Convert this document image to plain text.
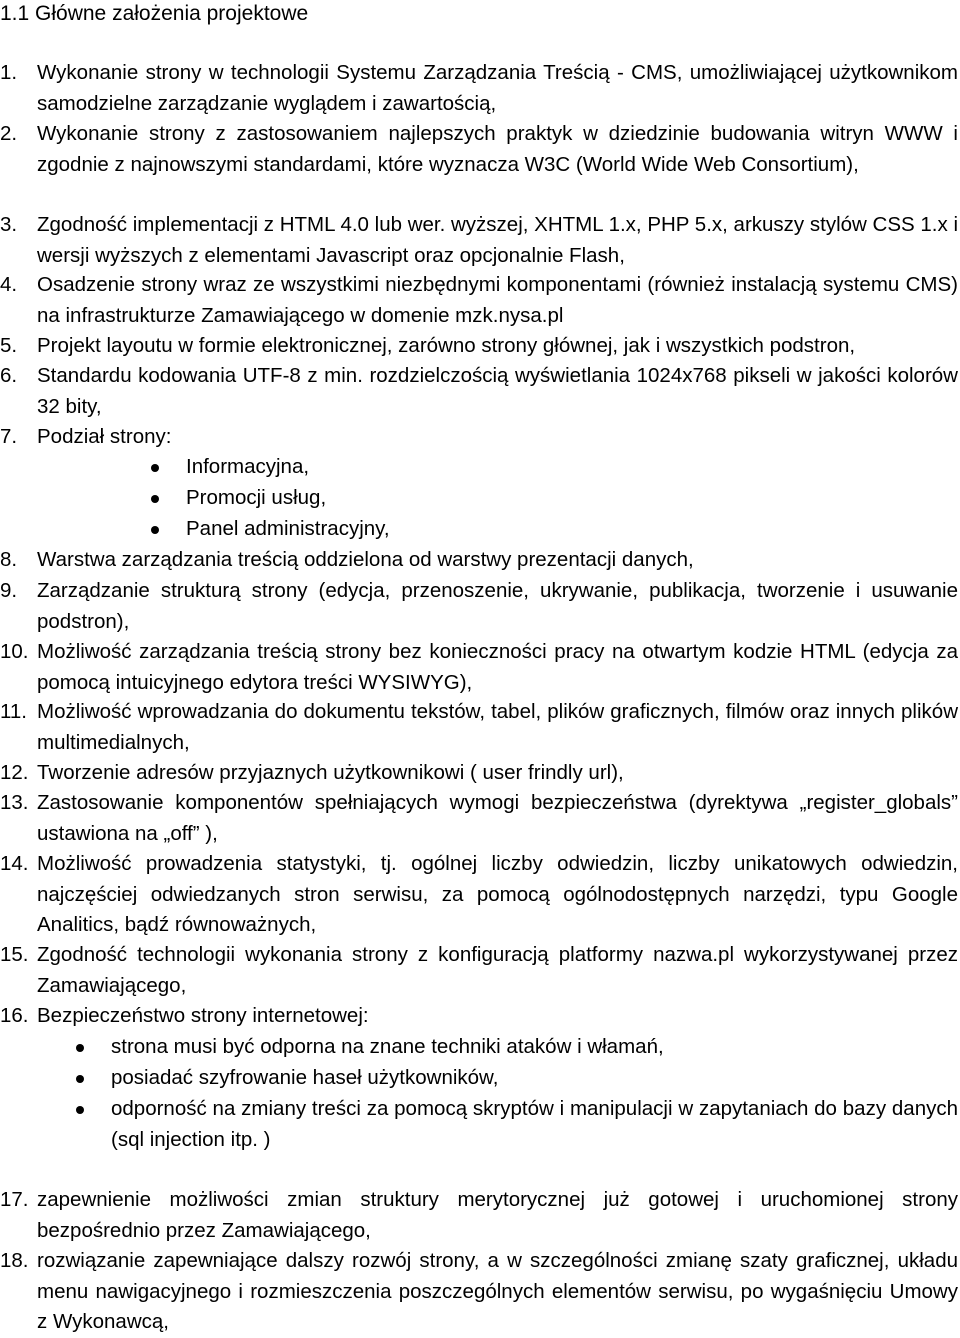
1.1 Główne założenia projektowe
1. Wykonanie strony w technologii Systemu Zarządzania Treścią - CMS, umożliwiającej użytkownikom samodzielne zarządzanie wyglądem i zawartością,
2. Wykonanie strony z zastosowaniem najlepszych praktyk w dziedzinie budowania witryn WWW i zgodnie z najnowszymi standardami, które wyznacza W3C (World Wide Web Consortium),
3. Zgodność implementacji z HTML 4.0 lub wer. wyższej, XHTML 1.x, PHP 5.x, arkuszy stylów CSS 1.x i wersji wyższych z elementami Javascript oraz opcjonalnie Flash,
4. Osadzenie strony wraz ze wszystkimi niezbędnymi komponentami (również instalacją systemu CMS) na infrastrukturze Zamawiającego w domenie mzk.nysa.pl
5. Projekt layoutu w formie elektronicznej, zarówno strony głównej, jak i wszystkich podstron,
6. Standardu kodowania UTF-8 z min. rozdzielczością wyświetlania 1024x768 pikseli w jakości kolorów 32 bity,
7. Podział strony:
Informacyjna,
Promocji usług,
Panel administracyjny,
8. Warstwa zarządzania treścią oddzielona od warstwy prezentacji danych,
9. Zarządzanie strukturą strony (edycja, przenoszenie, ukrywanie, publikacja, tworzenie i usuwanie podstron),
10. Możliwość zarządzania treścią strony bez konieczności pracy na otwartym kodzie HTML (edycja za pomocą intuicyjnego edytora treści WYSIWYG),
11. Możliwość wprowadzania do dokumentu tekstów, tabel, plików graficznych, filmów oraz innych plików multimedialnych,
12. Tworzenie adresów przyjaznych użytkownikowi ( user frindly url),
13. Zastosowanie komponentów spełniających wymogi bezpieczeństwa (dyrektywa „register_globals” ustawiona na „off” ),
14. Możliwość prowadzenia statystyki, tj. ogólnej liczby odwiedzin, liczby unikatowych odwiedzin, najczęściej odwiedzanych stron serwisu, za pomocą ogólnodostępnych narzędzi, typu Google Analitics, bądź równoważnych,
15. Zgodność technologii wykonania strony z konfiguracją platformy nazwa.pl wykorzystywanej przez Zamawiającego,
16. Bezpieczeństwo strony internetowej:
strona musi być odporna na znane techniki ataków i włamań,
posiadać szyfrowanie haseł użytkowników,
odporność na zmiany treści za pomocą skryptów i manipulacji w zapytaniach do bazy danych (sql injection itp. )
17. zapewnienie możliwości zmian struktury merytorycznej już gotowej i uruchomionej strony bezpośrednio przez Zamawiającego,
18. rozwiązanie zapewniające dalszy rozwój strony, a w szczególności zmianę szaty graficznej, układu menu nawigacyjnego i rozmieszczenia poszczególnych elementów serwisu, po wygaśnięciu Umowy z Wykonawcą,
